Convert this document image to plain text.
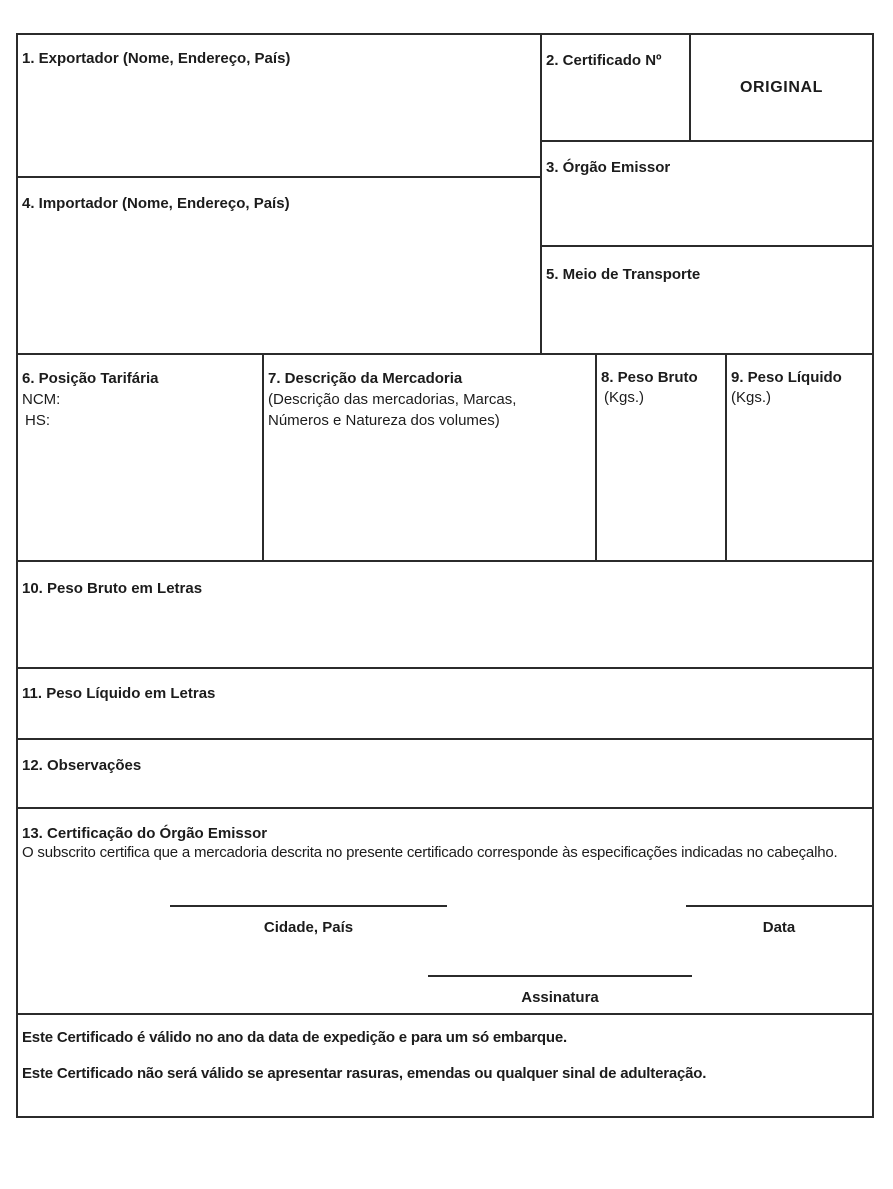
1. Exportador (Nome, Endereço, País)
4. Importador (Nome, Endereço, País)
2. Certificado Nº
ORIGINAL
3. Órgão Emissor
5. Meio de Transporte
6. Posição Tarifária
NCM:
HS:
7. Descrição da Mercadoria
(Descrição das mercadorias, Marcas,
Números e Natureza dos volumes)
8. Peso Bruto
(Kgs.)
9. Peso Líquido
(Kgs.)
10. Peso Bruto em Letras
11. Peso Líquido em Letras
12. Observações
13. Certificação do Órgão Emissor
O subscrito certifica que a mercadoria descrita no presente certificado corresponde às especificações indicadas no cabeçalho.
Cidade, País	Data
Assinatura
Este Certificado é válido no ano da data de expedição e para um só embarque.
Este Certificado não será válido se apresentar rasuras, emendas ou qualquer sinal de adulteração.
